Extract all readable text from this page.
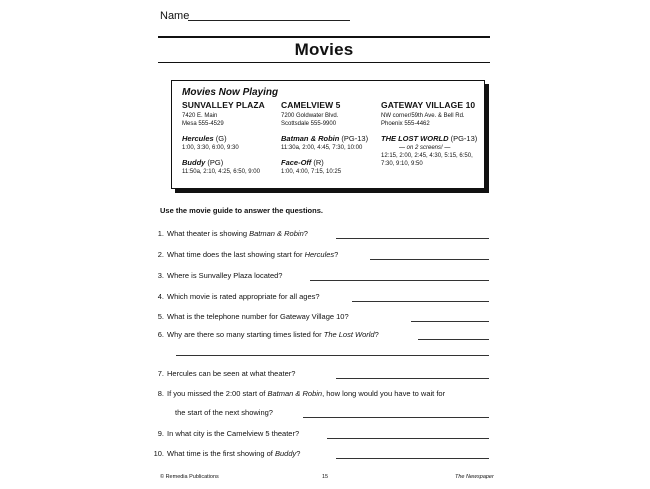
Name
Movies
Movies Now Playing
SUNVALLEY PLAZA
7420 E. Main
Mesa 555-4529
Hercules (G)
1:00, 3:30, 6:00, 9:30
Buddy (PG)
11:50a, 2:10, 4:25, 6:50, 9:00
CAMELVIEW 5
7200 Goldwater Blvd.
Scottsdale 555-9900
Batman & Robin (PG-13)
11:30a, 2:00, 4:45, 7:30, 10:00
Face-Off (R)
1:00, 4:00, 7:15, 10:25
GATEWAY VILLAGE 10
NW corner/59th Ave. & Bell Rd.
Phoenix 555-4462
THE LOST WORLD (PG-13)
— on 2 screens! —
12:15, 2:00, 2:45, 4:30, 5:15, 6:50, 7:30, 9:10, 9:50
Use the movie guide to answer the questions.
1. What theater is showing Batman & Robin?
2. What time does the last showing start for Hercules?
3. Where is Sunvalley Plaza located?
4. Which movie is rated appropriate for all ages?
5. What is the telephone number for Gateway Village 10?
6. Why are there so many starting times listed for The Lost World?
7. Hercules can be seen at what theater?
8. If you missed the 2:00 start of Batman & Robin, how long would you have to wait for
the start of the next showing?
9. In what city is the Camelview 5 theater?
10. What time is the first showing of Buddy?
© Remedia Publications	15	The Newspaper
